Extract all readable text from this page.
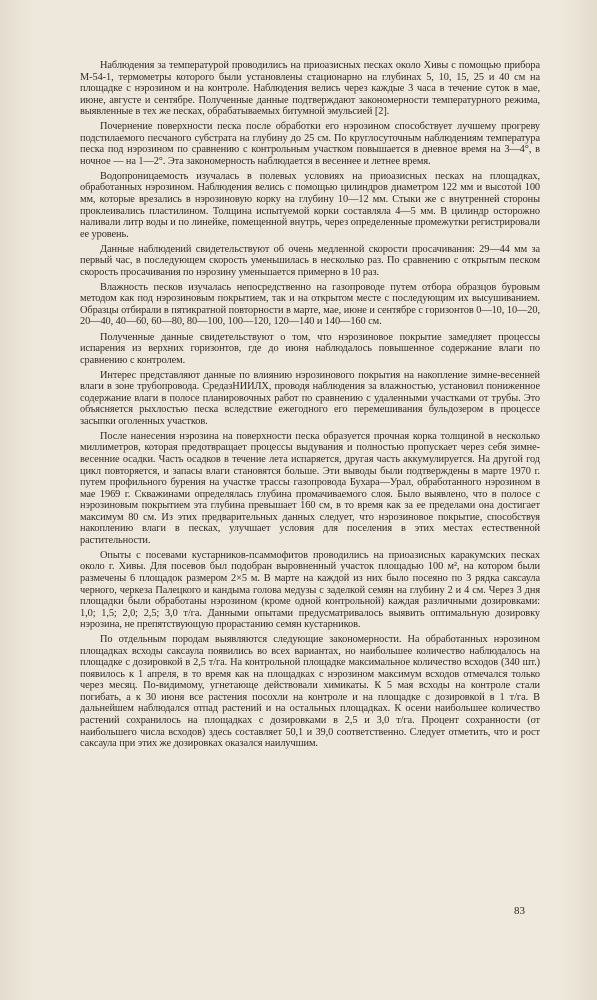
Наблюдения за температурой проводились на приоазисных песках около Хивы с помощью прибора М-54-1, термометры которого были установлены стационарно на глубинах 5, 10, 15, 25 и 40 см на площадке с нэрозином и на контроле. Наблюдения велись через каждые 3 часа в течение суток в мае, июне, августе и сентябре. Полученные данные подтверждают закономерности температурного режима, выявленные в тех же песках, обрабатываемых битумной эмульсией [2].

Почернение поверхности песка после обработки его нэрозином способствует лучшему прогреву подстилаемого песчаного субстрата на глубину до 25 см. По круглосуточным наблюдениям температура песка под нэрозином по сравнению с контрольным участком повышается в дневное время на 3—4°, в ночное — на 1—2°. Эта закономерность наблюдается в весеннее и летнее время.

Водопроницаемость изучалась в полевых условиях на приоазисных песках на площадках, обработанных нэрозином. Наблюдения велись с помощью цилиндров диаметром 122 мм и высотой 100 мм, которые врезались в нэрозиновую корку на глубину 10—12 мм. Стыки же с внутренней стороны проклеивались пластилином. Толщина испытуемой корки составляла 4—5 мм. В цилиндр осторожно наливали литр воды и по линейке, помещенной внутрь, через определенные промежутки регистрировали ее уровень.

Данные наблюдений свидетельствуют об очень медленной скорости просачивания: 29—44 мм за первый час, в последующем скорость уменьшилась в несколько раз. По сравнению с открытым песком скорость просачивания по нэрозину уменьшается примерно в 10 раз.

Влажность песков изучалась непосредственно на газопроводе путем отбора образцов буровым методом как под нэрозиновым покрытием, так и на открытом месте с последующим их высушиванием. Образцы отбирали в пятикратной повторности в марте, мае, июне и сентябре с горизонтов 0—10, 10—20, 20—40, 40—60, 60—80, 80—100, 100—120, 120—140 и 140—160 см.

Полученные данные свидетельствуют о том, что нэрозиновое покрытие замедляет процессы испарения из верхних горизонтов, где до июня наблюдалось повышенное содержание влаги по сравнению с контролем.

Интерес представляют данные по влиянию нэрозинового покрытия на накопление зимне-весенней влаги в зоне трубопровода. СредазНИИЛХ, проводя наблюдения за влажностью, установил пониженное содержание влаги в полосе планировочных работ по сравнению с удаленными участками от трубы. Это объясняется рыхлостью песка вследствие ежегодного его перемешивания бульдозером в процессе засыпки оголенных участков.

После нанесения нэрозина на поверхности песка образуется прочная корка толщиной в несколько миллиметров, которая предотвращает процессы выдувания и полностью пропускает через себя зимне-весенние осадки. Часть осадков в течение лета испаряется, другая часть аккумулируется. На другой год цикл повторяется, и запасы влаги становятся больше. Эти выводы были подтверждены в марте 1970 г. путем профильного бурения на участке трассы газопровода Бухара—Урал, обработанного нэрозином в мае 1969 г. Скважинами определялась глубина промачиваемого слоя. Было выявлено, что в полосе с нэрозиновым покрытием эта глубина превышает 160 см, в то время как за ее пределами она достигает максимум 80 см. Из этих предварительных данных следует, что нэрозиновое покрытие, способствуя накоплению влаги в песках, улучшает условия для поселения в этих местах естественной растительности.

Опыты с посевами кустарников-псаммофитов проводились на приоазисных каракумских песках около г. Хивы. Для посевов был подобран выровненный участок площадью 100 м², на котором были размечены 6 площадок размером 2×5 м. В марте на каждой из них было посеяно по 3 рядка саксаула черного, черкеза Палецкого и кандыма голова медузы с заделкой семян на глубину 2 и 4 см. Через 3 дня площадки были обработаны нэрозином (кроме одной контрольной) каждая различными дозировками: 1,0; 1,5; 2,0; 2,5; 3,0 т/га. Данными опытами предусматривалось выявить оптимальную дозировку нэрозина, не препятствующую прорастанию семян кустарников.

По отдельным породам выявляются следующие закономерности. На обработанных нэрозином площадках всходы саксаула появились во всех вариантах, но наибольшее количество наблюдалось на площадке с дозировкой в 2,5 т/га. На контрольной площадке максимальное количество всходов (340 шт.) появилось к 1 апреля, в то время как на площадках с нэрозином максимум всходов отмечался только через месяц. По-видимому, угнетающе действовали химикаты. К 5 мая всходы на контроле стали погибать, а к 30 июня все растения посохли на контроле и на площадке с дозировкой в 1 т/га. В дальнейшем наблюдался отпад растений и на остальных площадках. К осени наибольшее количество растений сохранилось на площадках с дозировками в 2,5 и 3,0 т/га. Процент сохранности (от наибольшего числа всходов) здесь составляет 50,1 и 39,0 соответственно. Следует отметить, что и рост саксаула при этих же дозировках оказался наилучшим.

83
